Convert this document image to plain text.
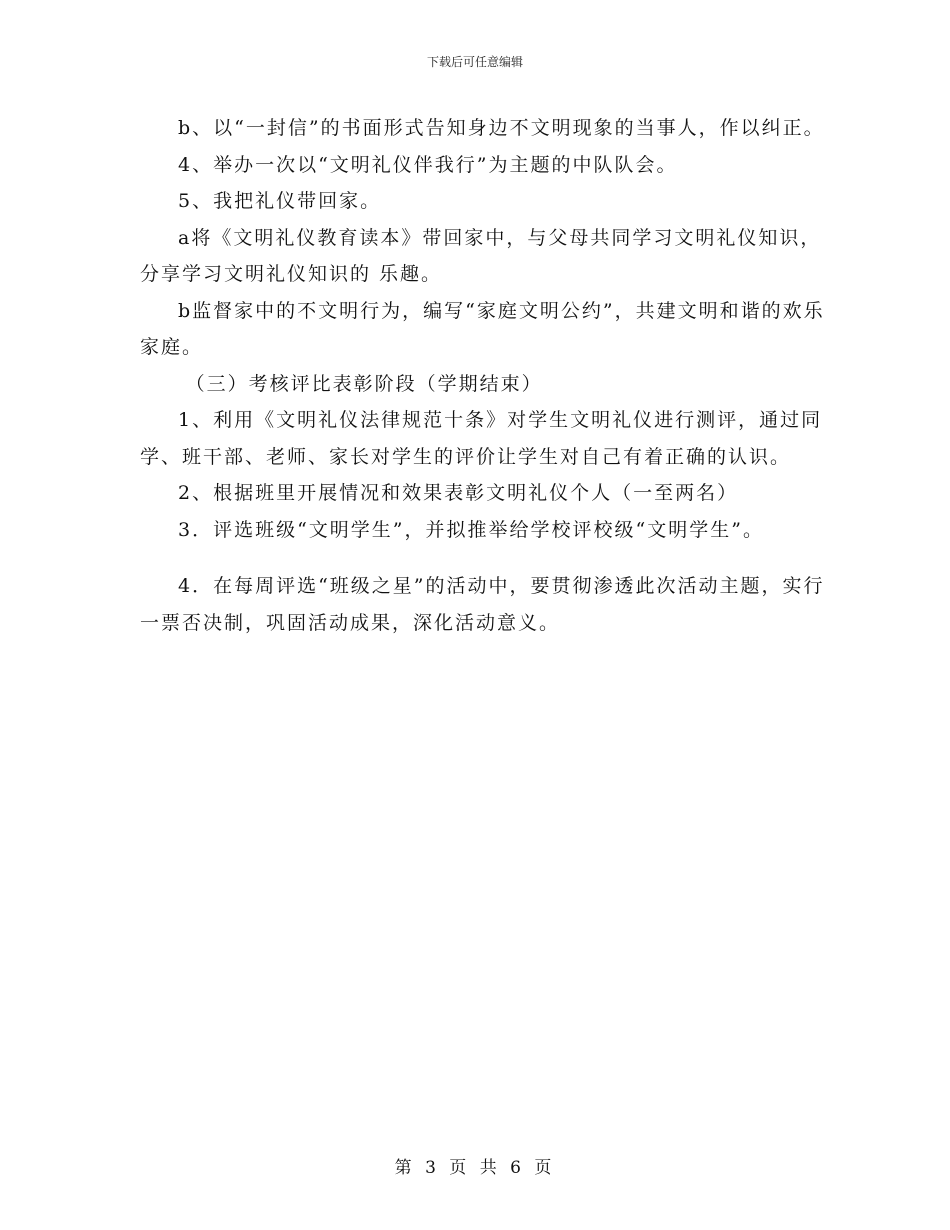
下载后可任意编辑

b、以“一封信”的书面形式告知身边不文明现象的当事人，作以纠正。

4、举办一次以“文明礼仪伴我行”为主题的中队队会。

5、我把礼仪带回家。

a将《文明礼仪教育读本》带回家中，与父母共同学习文明礼仪知识，分享学习文明礼仪知识的 乐趣。

b监督家中的不文明行为，编写“家庭文明公约”，共建文明和谐的欢乐家庭。

（三）考核评比表彰阶段（学期结束）

1、利用《文明礼仪法律规范十条》对学生文明礼仪进行测评，通过同学、班干部、老师、家长对学生的评价让学生对自己有着正确的认识。

2、根据班里开展情况和效果表彰文明礼仪个人（一至两名）

3．评选班级“文明学生”，并拟推举给学校评校级“文明学生”。

4．在每周评选“班级之星”的活动中，要贯彻渗透此次活动主题，实行一票否决制，巩固活动成果，深化活动意义。

第 3 页 共 6 页
